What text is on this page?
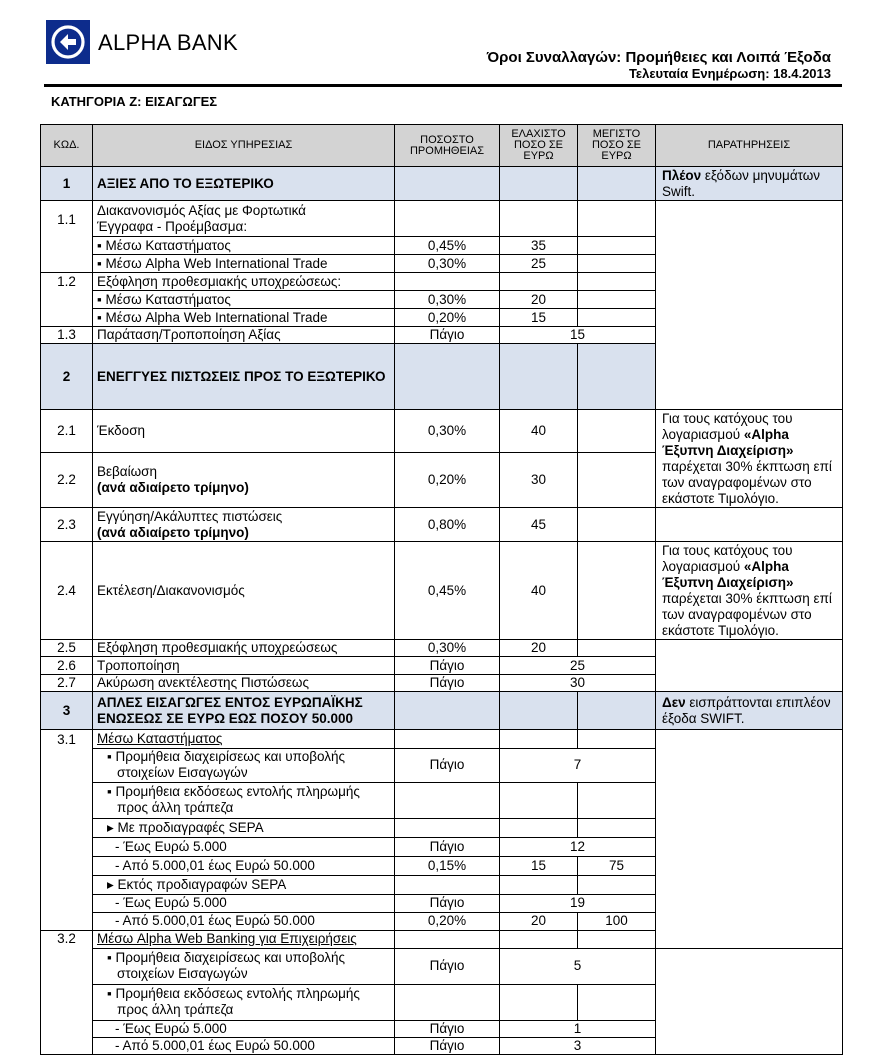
ALPHA BANK
Όροι Συναλλαγών: Προμήθειες και Λοιπά Έξοδα
Τελευταία Ενημέρωση: 18.4.2013
ΚΑΤΗΓΟΡΙΑ Ζ: ΕΙΣΑΓΩΓΕΣ
ΚΩΔ.	ΕΙΔΟΣ ΥΠΗΡΕΣΙΑΣ	ΠΟΣΟΣΤΟ ΠΡΟΜΗΘΕΙΑΣ	ΕΛΑΧΙΣΤΟ ΠΟΣΟ ΣΕ ΕΥΡΩ	ΜΕΓΙΣΤΟ ΠΟΣΟ ΣΕ ΕΥΡΩ	ΠΑΡΑΤΗΡΗΣΕΙΣ	
1	ΑΞΙΕΣ ΑΠΟ ΤΟ ΕΞΩΤΕΡΙΚΟ				Πλέον εξόδων μηνυμάτων Swift.	
1.1	Διακανονισμός Αξίας με Φορτωτικά
Έγγραφα - Προέμβασμα:					
	▪ Μέσω Καταστήματος	0,45%	35			
	▪ Μέσω Alpha Web International Trade	0,30%	25			
1.2	Εξόφληση προθεσμιακής υποχρεώσεως:					
	▪ Μέσω Καταστήματος	0,30%	20			
	▪ Μέσω Alpha Web International Trade	0,20%	15			
1.3	Παράταση/Τροποποίηση Αξίας	Πάγιο	15			
2	ΕΝΕΓΓΥΕΣ ΠΙΣΤΩΣΕΙΣ ΠΡΟΣ ΤΟ ΕΞΩΤΕΡΙΚΟ				
2.1	Έκδοση	0,30%	40		Για τους κατόχους του λογαριασμού «Alpha Έξυπνη Διαχείριση» παρέχεται 30% έκπτωση επί των αναγραφομένων στο εκάστοτε Τιμολόγιο.	
2.2	Βεβαίωση
(ανά αδιαίρετο τρίμηνο)	0,20%	30			
2.3	Εγγύηση/Ακάλυπτες πιστώσεις
(ανά αδιαίρετο τρίμηνο)	0,80%	45			
2.4	Εκτέλεση/Διακανονισμός	0,45%	40		Για τους κατόχους του λογαριασμού «Alpha Έξυπνη Διαχείριση» παρέχεται 30% έκπτωση επί των αναγραφομένων στο εκάστοτε Τιμολόγιο.	
2.5	Εξόφληση προθεσμιακής υποχρεώσεως	0,30%	20			
2.6	Τροποποίηση	Πάγιο	25			
2.7	Ακύρωση ανεκτέλεστης Πιστώσεως	Πάγιο	30			
3	ΑΠΛΕΣ ΕΙΣΑΓΩΓΕΣ ΕΝΤΟΣ ΕΥΡΩΠΑΪΚΗΣ
ΕΝΩΣΕΩΣ ΣΕ ΕΥΡΩ ΕΩΣ ΠΟΣΟΥ 50.000				Δεν εισπράττονται επιπλέον έξοδα SWIFT.	
3.1	Μέσω Καταστήματος					
	▪ Προμήθεια διαχειρίσεως και υποβολής
στοιχείων Εισαγωγών	Πάγιο	7			
	▪ Προμήθεια εκδόσεως εντολής πληρωμής
προς άλλη τράπεζα					
	▸ Με προδιαγραφές SEPA					
	- Έως Ευρώ 5.000	Πάγιο	12			
	- Από 5.000,01 έως Ευρώ 50.000	0,15%	15	75		
	▸ Εκτός προδιαγραφών SEPA					
	- Έως Ευρώ 5.000	Πάγιο	19			
	- Από 5.000,01 έως Ευρώ 50.000	0,20%	20	100		
3.2	Μέσω Alpha Web Banking για Επιχειρήσεις					
	▪ Προμήθεια διαχειρίσεως και υποβολής
στοιχείων Εισαγωγών	Πάγιο	5			
	▪ Προμήθεια εκδόσεως εντολής πληρωμής
προς άλλη τράπεζα					
	- Έως Ευρώ 5.000	Πάγιο	1			
	- Από 5.000,01 έως Ευρώ 50.000	Πάγιο	3			
